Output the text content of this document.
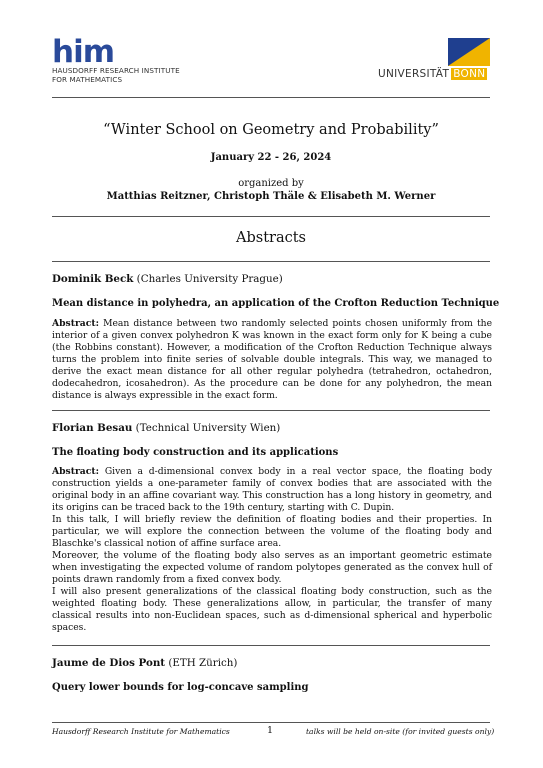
him
HAUSDORFF RESEARCH INSTITUTE
FOR MATHEMATICS	UNIVERSITÄT BONN
“Winter School on Geometry and Probability”
January 22 - 26, 2024
organized by
Matthias Reitzner, Christoph Thäle & Elisabeth M. Werner
Abstracts
Dominik Beck (Charles University Prague)
Mean distance in polyhedra, an application of the Crofton Reduction Technique

Abstract: Mean distance between two randomly selected points chosen uniformly from the interior of a given convex polyhedron K was known in the exact form only for K being a cube (the Robbins constant). However, a modification of the Crofton Reduction Technique always turns the problem into finite series of solvable double integrals. This way, we managed to derive the exact mean distance for all other regular polyhedra (tetrahedron, octahedron, dodecahedron, icosahedron). As the procedure can be done for any polyhedron, the mean distance is always expressible in the exact form.

Florian Besau (Technical University Wien)
The floating body construction and its applications

Abstract: Given a d-dimensional convex body in a real vector space, the floating body construction yields a one-parameter family of convex bodies that are associated with the original body in an affine covariant way. This construction has a long history in geometry, and its origins can be traced back to the 19th century, starting with C. Dupin.

In this talk, I will briefly review the definition of floating bodies and their properties. In particular, we will explore the connection between the volume of the floating body and Blaschke's classical notion of affine surface area.

Moreover, the volume of the floating body also serves as an important geometric estimate when investigating the expected volume of random polytopes generated as the convex hull of points drawn randomly from a fixed convex body.

I will also present generalizations of the classical floating body construction, such as the weighted floating body. These generalizations allow, in particular, the transfer of many classical results into non-Euclidean spaces, such as d-dimensional spherical and hyperbolic spaces.

Jaume de Dios Pont (ETH Zürich)
Query lower bounds for log-concave sampling
Hausdorff Research Institute for Mathematics	1	talks will be held on-site (for invited guests only)
